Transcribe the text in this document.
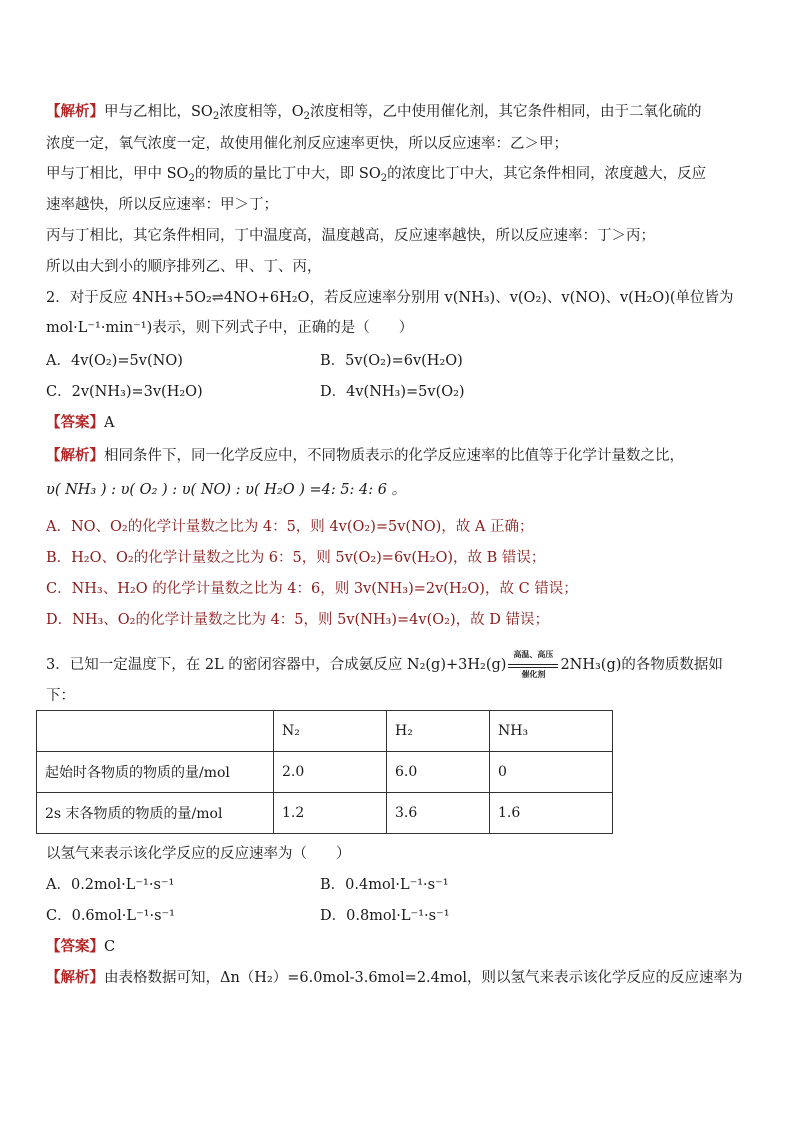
【解析】甲与乙相比，$SO_2$浓度相等，$O_2$浓度相等，乙中使用催化剂，其它条件相同，由于二氧化硫的
浓度一定，氧气浓度一定，故使用催化剂反应速率更快，所以反应速率：乙＞甲；
甲与丁相比，甲中 $SO_2$的物质的量比丁中大，即 $SO_2$的浓度比丁中大，其它条件相同，浓度越大，反应
速率越快，所以反应速率：甲＞丁；
丙与丁相比，其它条件相同，丁中温度高，温度越高，反应速率越快，所以反应速率：丁＞丙；
所以由大到小的顺序排列乙、甲、丁、丙，
2．对于反应 4NH₃+5O₂⇌4NO+6H₂O，若反应速率分别用 v(NH₃)、v(O₂)、v(NO)、v(H₂O)(单位皆为
mol·L⁻¹·min⁻¹)表示，则下列式子中，正确的是（　　）
A．4v(O₂)=5v(NO)	B．5v(O₂)=6v(H₂O)
C．2v(NH₃)=3v(H₂O)	D．4v(NH₃)=5v(O₂)
【答案】A
【解析】相同条件下，同一化学反应中，不同物质表示的化学反应速率的比值等于化学计量数之比，
υ( NH₃ ) : υ( O₂ ) : υ( NO) : υ( H₂O ) =4: 5: 4: 6 。
A．NO、O₂的化学计量数之比为 4：5，则 4v(O₂)=5v(NO)，故 A 正确；
B．H₂O、O₂的化学计量数之比为 6：5，则 5v(O₂)=6v(H₂O)，故 B 错误；
C．NH₃、H₂O 的化学计量数之比为 4：6，则 3v(NH₃)=2v(H₂O)，故 C 错误；
D．NH₃、O₂的化学计量数之比为 4：5，则 5v(NH₃)=4v(O₂)，故 D 错误；
3．已知一定温度下，在 2L 的密闭容器中，合成氨反应 N₂(g)+3H₂(g)
高温、高压
催化剂
2NH₃(g)的各物质数据如
下：
	N₂	H₂	NH₃
起始时各物质的物质的量/mol	2.0	6.0	0
2s 末各物质的物质的量/mol	1.2	3.6	1.6
以氢气来表示该化学反应的反应速率为（　　）
A．0.2mol·L⁻¹·s⁻¹	B．0.4mol·L⁻¹·s⁻¹
C．0.6mol·L⁻¹·s⁻¹	D．0.8mol·L⁻¹·s⁻¹
【答案】C
【解析】由表格数据可知，Δn（H₂）=6.0mol-3.6mol=2.4mol，则以氢气来表示该化学反应的反应速率为
